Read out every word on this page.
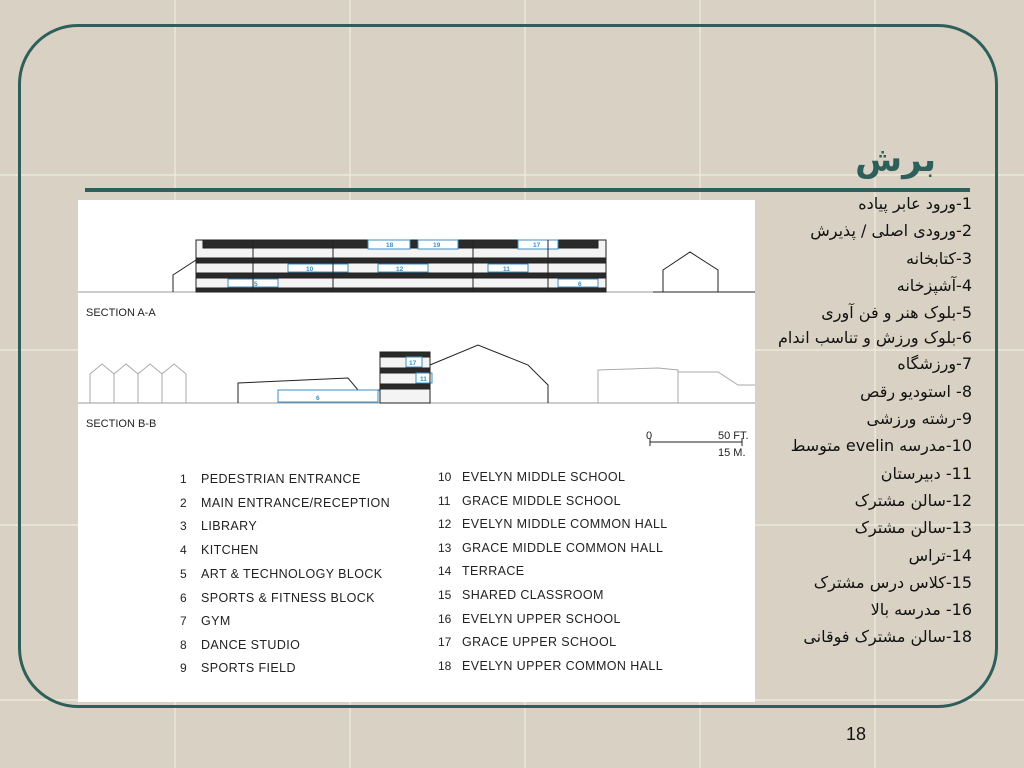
برش
18	19	17
10	12	11
5	6
SECTION A-A
17
11
6
SECTION B-B
0	50 FT.
15 M.
1 PEDESTRIAN ENTRANCE
2 MAIN ENTRANCE/RECEPTION
3 LIBRARY
4 KITCHEN
5 ART & TECHNOLOGY BLOCK
6 SPORTS & FITNESS BLOCK
7 GYM
8 DANCE STUDIO
9 SPORTS FIELD
10 EVELYN MIDDLE SCHOOL
11 GRACE MIDDLE SCHOOL
12 EVELYN MIDDLE COMMON HALL
13 GRACE MIDDLE COMMON HALL
14 TERRACE
15 SHARED CLASSROOM
16 EVELYN UPPER SCHOOL
17 GRACE UPPER SCHOOL
18 EVELYN UPPER COMMON HALL
1-ورود عابر پیاده
2-ورودی اصلی / پذیرش
3-کتابخانه
4-آشپزخانه
5-بلوک هنر و فن آوری
6-بلوک ورزش و تناسب اندام
7-ورزشگاه
8- استودیو رقص
9-رشته ورزشی
10-مدرسه evelin متوسط
11- دبیرستان
12-سالن مشترک
13-سالن مشترک
14-تراس
15-کلاس درس مشترک
16- مدرسه بالا
18-سالن مشترک فوقانی
18
